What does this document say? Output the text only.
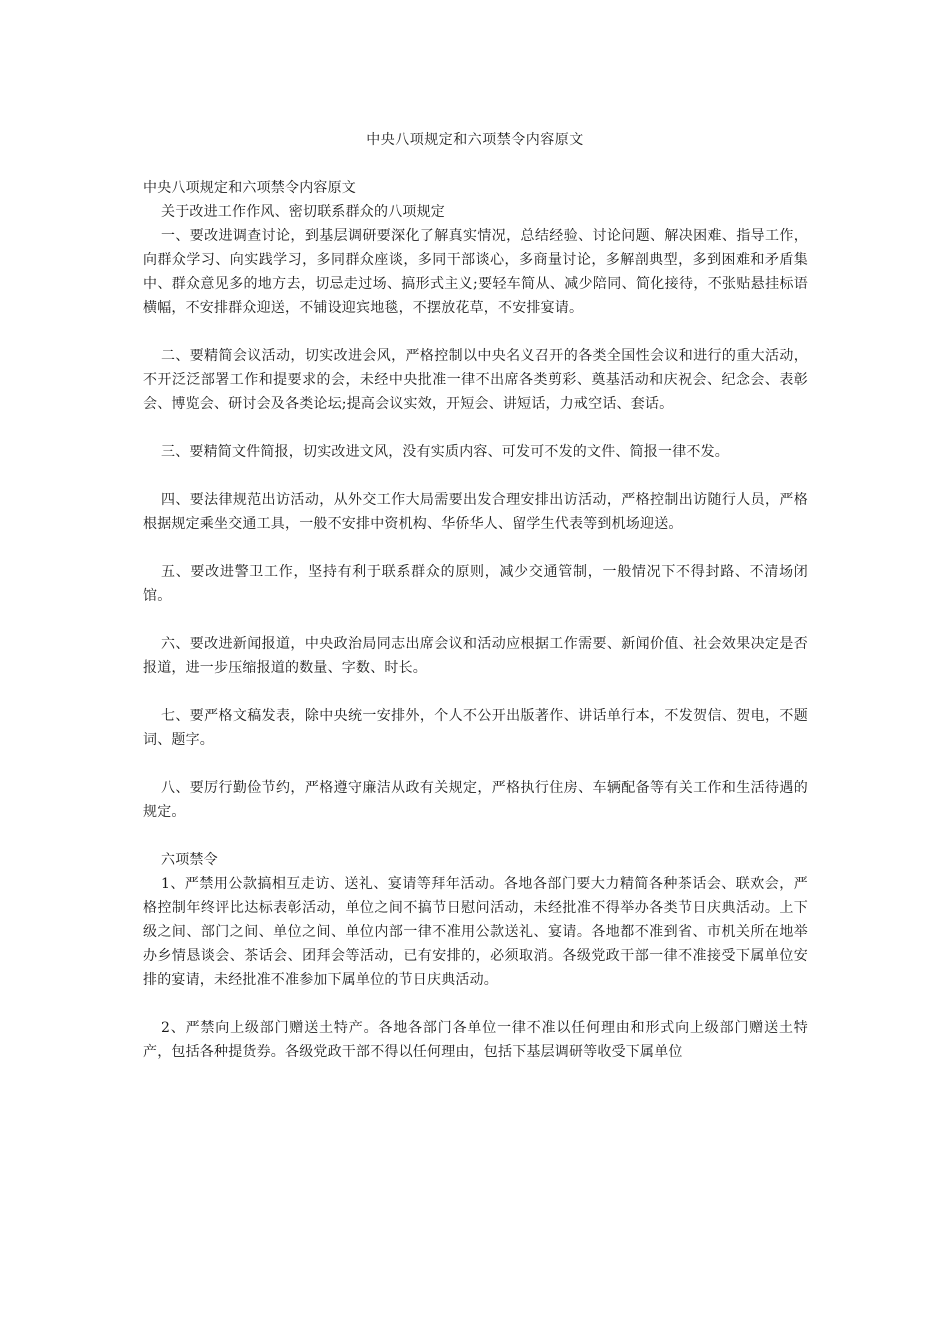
中央八项规定和六项禁令内容原文

中央八项规定和六项禁令内容原文

关于改进工作作风、密切联系群众的八项规定

一、要改进调查讨论，到基层调研要深化了解真实情况，总结经验、讨论问题、解决困难、指导工作，向群众学习、向实践学习，多同群众座谈，多同干部谈心，多商量讨论，多解剖典型，多到困难和矛盾集中、群众意见多的地方去，切忌走过场、搞形式主义;要轻车简从、减少陪同、简化接待，不张贴悬挂标语横幅，不安排群众迎送，不铺设迎宾地毯，不摆放花草，不安排宴请。

二、要精简会议活动，切实改进会风，严格控制以中央名义召开的各类全国性会议和进行的重大活动，不开泛泛部署工作和提要求的会，未经中央批准一律不出席各类剪彩、奠基活动和庆祝会、纪念会、表彰会、博览会、研讨会及各类论坛;提高会议实效，开短会、讲短话，力戒空话、套话。

三、要精简文件简报，切实改进文风，没有实质内容、可发可不发的文件、简报一律不发。

四、要法律规范出访活动，从外交工作大局需要出发合理安排出访活动，严格控制出访随行人员，严格根据规定乘坐交通工具，一般不安排中资机构、华侨华人、留学生代表等到机场迎送。

五、要改进警卫工作，坚持有利于联系群众的原则，减少交通管制，一般情况下不得封路、不清场闭馆。

六、要改进新闻报道，中央政治局同志出席会议和活动应根据工作需要、新闻价值、社会效果决定是否报道，进一步压缩报道的数量、字数、时长。

七、要严格文稿发表，除中央统一安排外，个人不公开出版著作、讲话单行本，不发贺信、贺电，不题词、题字。

八、要厉行勤俭节约，严格遵守廉洁从政有关规定，严格执行住房、车辆配备等有关工作和生活待遇的规定。

六项禁令

1、严禁用公款搞相互走访、送礼、宴请等拜年活动。各地各部门要大力精简各种茶话会、联欢会，严格控制年终评比达标表彰活动，单位之间不搞节日慰问活动，未经批准不得举办各类节日庆典活动。上下级之间、部门之间、单位之间、单位内部一律不准用公款送礼、宴请。各地都不准到省、市机关所在地举办乡情恳谈会、茶话会、团拜会等活动，已有安排的，必须取消。各级党政干部一律不准接受下属单位安排的宴请，未经批准不准参加下属单位的节日庆典活动。

2、严禁向上级部门赠送土特产。各地各部门各单位一律不准以任何理由和形式向上级部门赠送土特产，包括各种提货券。各级党政干部不得以任何理由，包括下基层调研等收受下属单位
